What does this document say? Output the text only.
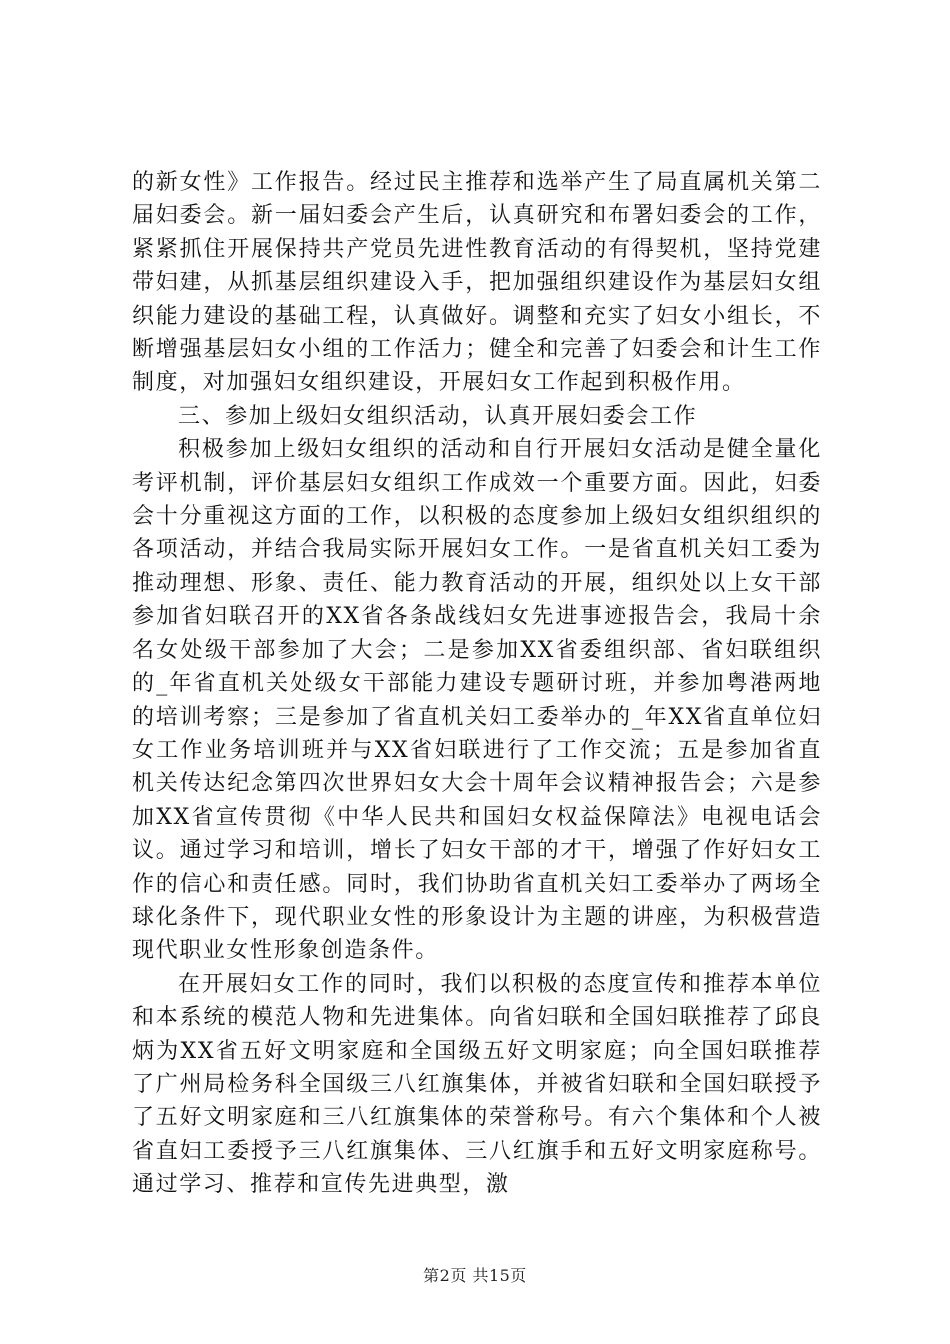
的新女性》工作报告。经过民主推荐和选举产生了局直属机关第二届妇委会。新一届妇委会产生后，认真研究和布署妇委会的工作，紧紧抓住开展保持共产党员先进性教育活动的有得契机，坚持党建带妇建，从抓基层组织建设入手，把加强组织建设作为基层妇女组织能力建设的基础工程，认真做好。调整和充实了妇女小组长，不断增强基层妇女小组的工作活力；健全和完善了妇委会和计生工作制度，对加强妇女组织建设，开展妇女工作起到积极作用。

三、参加上级妇女组织活动，认真开展妇委会工作

积极参加上级妇女组织的活动和自行开展妇女活动是健全量化考评机制，评价基层妇女组织工作成效一个重要方面。因此，妇委会十分重视这方面的工作，以积极的态度参加上级妇女组织组织的各项活动，并结合我局实际开展妇女工作。一是省直机关妇工委为推动理想、形象、责任、能力教育活动的开展，组织处以上女干部参加省妇联召开的XX省各条战线妇女先进事迹报告会，我局十余名女处级干部参加了大会；二是参加XX省委组织部、省妇联组织的_年省直机关处级女干部能力建设专题研讨班，并参加粤港两地的培训考察；三是参加了省直机关妇工委举办的_年XX省直单位妇女工作业务培训班并与XX省妇联进行了工作交流；五是参加省直机关传达纪念第四次世界妇女大会十周年会议精神报告会；六是参加XX省宣传贯彻《中华人民共和国妇女权益保障法》电视电话会议。通过学习和培训，增长了妇女干部的才干，增强了作好妇女工作的信心和责任感。同时，我们协助省直机关妇工委举办了两场全球化条件下，现代职业女性的形象设计为主题的讲座，为积极营造现代职业女性形象创造条件。

在开展妇女工作的同时，我们以积极的态度宣传和推荐本单位和本系统的模范人物和先进集体。向省妇联和全国妇联推荐了邱良炳为XX省五好文明家庭和全国级五好文明家庭；向全国妇联推荐了广州局检务科全国级三八红旗集体，并被省妇联和全国妇联授予了五好文明家庭和三八红旗集体的荣誉称号。有六个集体和个人被省直妇工委授予三八红旗集体、三八红旗手和五好文明家庭称号。通过学习、推荐和宣传先进典型，激

第2页 共15页
